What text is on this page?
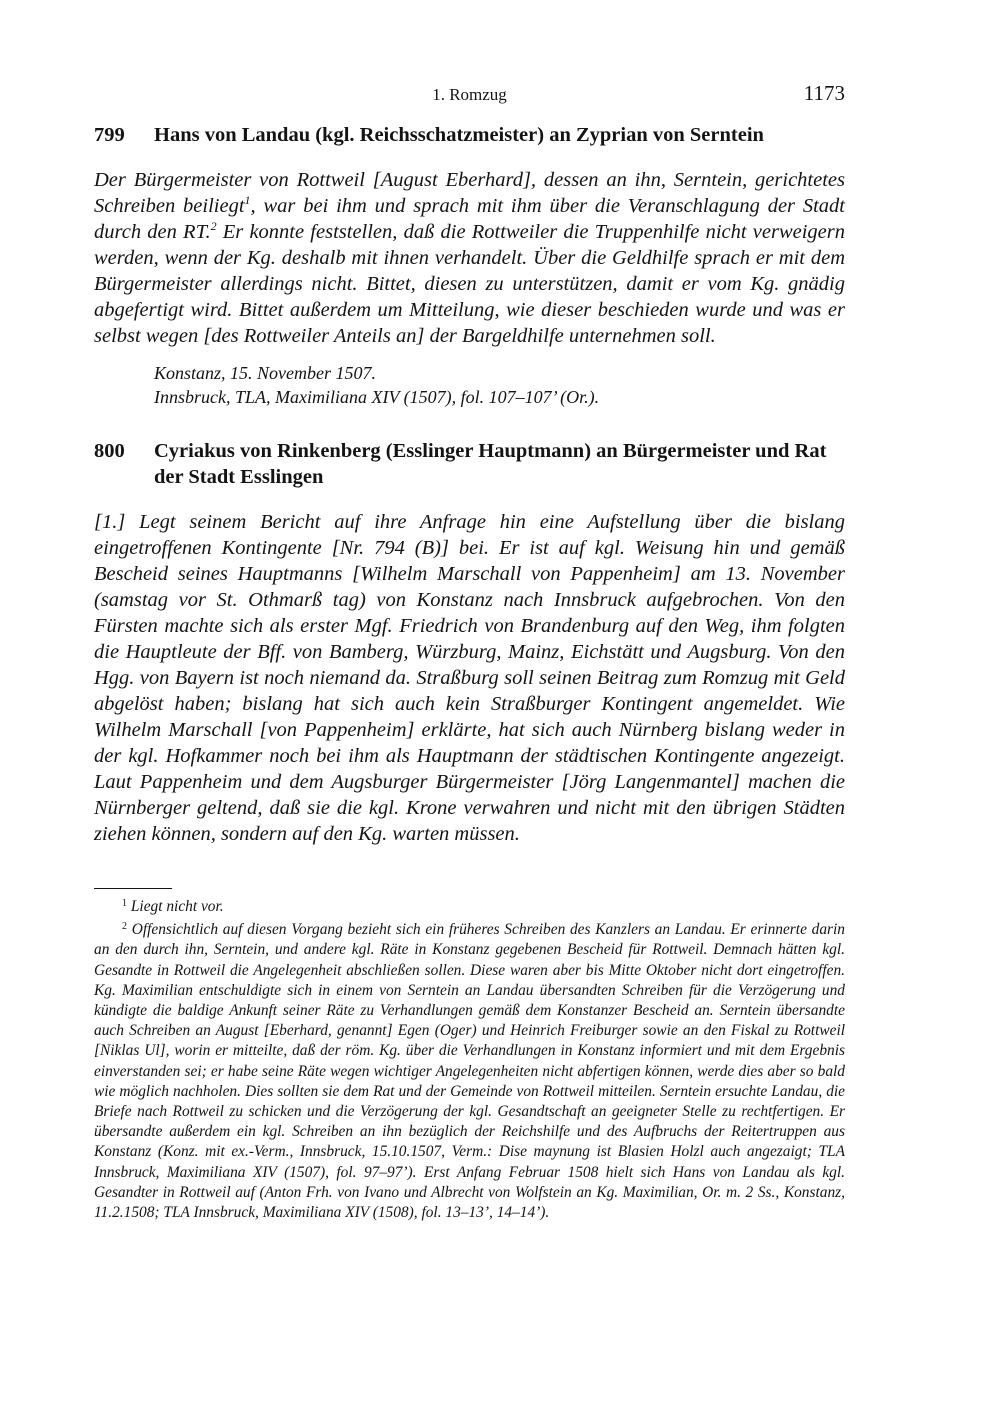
1. Romzug	1173
799 Hans von Landau (kgl. Reichsschatzmeister) an Zyprian von Serntein
Der Bürgermeister von Rottweil [August Eberhard], dessen an ihn, Serntein, gerichtetes Schreiben beiliegt$^1$, war bei ihm und sprach mit ihm über die Veranschlagung der Stadt durch den RT.$^2$ Er konnte feststellen, daß die Rottweiler die Truppenhilfe nicht verweigern werden, wenn der Kg. deshalb mit ihnen verhandelt. Über die Geldhilfe sprach er mit dem Bürgermeister allerdings nicht. Bittet, diesen zu unterstützen, damit er vom Kg. gnädig abgefertigt wird. Bittet außerdem um Mitteilung, wie dieser beschieden wurde und was er selbst wegen [des Rottweiler Anteils an] der Bargeldhilfe unternehmen soll.
Konstanz, 15. November 1507.
Innsbruck, TLA, Maximiliana XIV (1507), fol. 107–107’ (Or.).
800 Cyriakus von Rinkenberg (Esslinger Hauptmann) an Bürgermeister und Rat der Stadt Esslingen
[1.] Legt seinem Bericht auf ihre Anfrage hin eine Aufstellung über die bislang eingetroffenen Kontingente [Nr. 794 (B)] bei. Er ist auf kgl. Weisung hin und gemäß Bescheid seines Hauptmanns [Wilhelm Marschall von Pappenheim] am 13. November (samstag vor St. Othmarß tag) von Konstanz nach Innsbruck aufgebrochen. Von den Fürsten machte sich als erster Mgf. Friedrich von Brandenburg auf den Weg, ihm folgten die Hauptleute der Bff. von Bamberg, Würzburg, Mainz, Eichstätt und Augsburg. Von den Hgg. von Bayern ist noch niemand da. Straßburg soll seinen Beitrag zum Romzug mit Geld abgelöst haben; bislang hat sich auch kein Straßburger Kontingent angemeldet. Wie Wilhelm Marschall [von Pappenheim] erklärte, hat sich auch Nürnberg bislang weder in der kgl. Hofkammer noch bei ihm als Hauptmann der städtischen Kontingente angezeigt. Laut Pappenheim und dem Augsburger Bürgermeister [Jörg Langenmantel] machen die Nürnberger geltend, daß sie die kgl. Krone verwahren und nicht mit den übrigen Städten ziehen können, sondern auf den Kg. warten müssen.

$^1$ Liegt nicht vor.

$^2$ Offensichtlich auf diesen Vorgang bezieht sich ein früheres Schreiben des Kanzlers an Landau. Er erinnerte darin an den durch ihn, Serntein, und andere kgl. Räte in Konstanz gegebenen Bescheid für Rottweil. Demnach hätten kgl. Gesandte in Rottweil die Angelegenheit abschließen sollen. Diese waren aber bis Mitte Oktober nicht dort eingetroffen. Kg. Maximilian entschuldigte sich in einem von Serntein an Landau übersandten Schreiben für die Verzögerung und kündigte die baldige Ankunft seiner Räte zu Verhandlungen gemäß dem Konstanzer Bescheid an. Serntein übersandte auch Schreiben an August [Eberhard, genannt] Egen (Oger) und Heinrich Freiburger sowie an den Fiskal zu Rottweil [Niklas Ul], worin er mitteilte, daß der röm. Kg. über die Verhandlungen in Konstanz informiert und mit dem Ergebnis einverstanden sei; er habe seine Räte wegen wichtiger Angelegenheiten nicht abfertigen können, werde dies aber so bald wie möglich nachholen. Dies sollten sie dem Rat und der Gemeinde von Rottweil mitteilen. Serntein ersuchte Landau, die Briefe nach Rottweil zu schicken und die Verzögerung der kgl. Gesandtschaft an geeigneter Stelle zu rechtfertigen. Er übersandte außerdem ein kgl. Schreiben an ihn bezüglich der Reichshilfe und des Aufbruchs der Reitertruppen aus Konstanz (Konz. mit ex.-Verm., Innsbruck, 15.10.1507, Verm.: Dise maynung ist Blasien Holzl auch angezaigt; TLA Innsbruck, Maximiliana XIV (1507), fol. 97–97’). Erst Anfang Februar 1508 hielt sich Hans von Landau als kgl. Gesandter in Rottweil auf (Anton Frh. von Ivano und Albrecht von Wolfstein an Kg. Maximilian, Or. m. 2 Ss., Konstanz, 11.2.1508; TLA Innsbruck, Maximiliana XIV (1508), fol. 13–13’, 14–14’).
